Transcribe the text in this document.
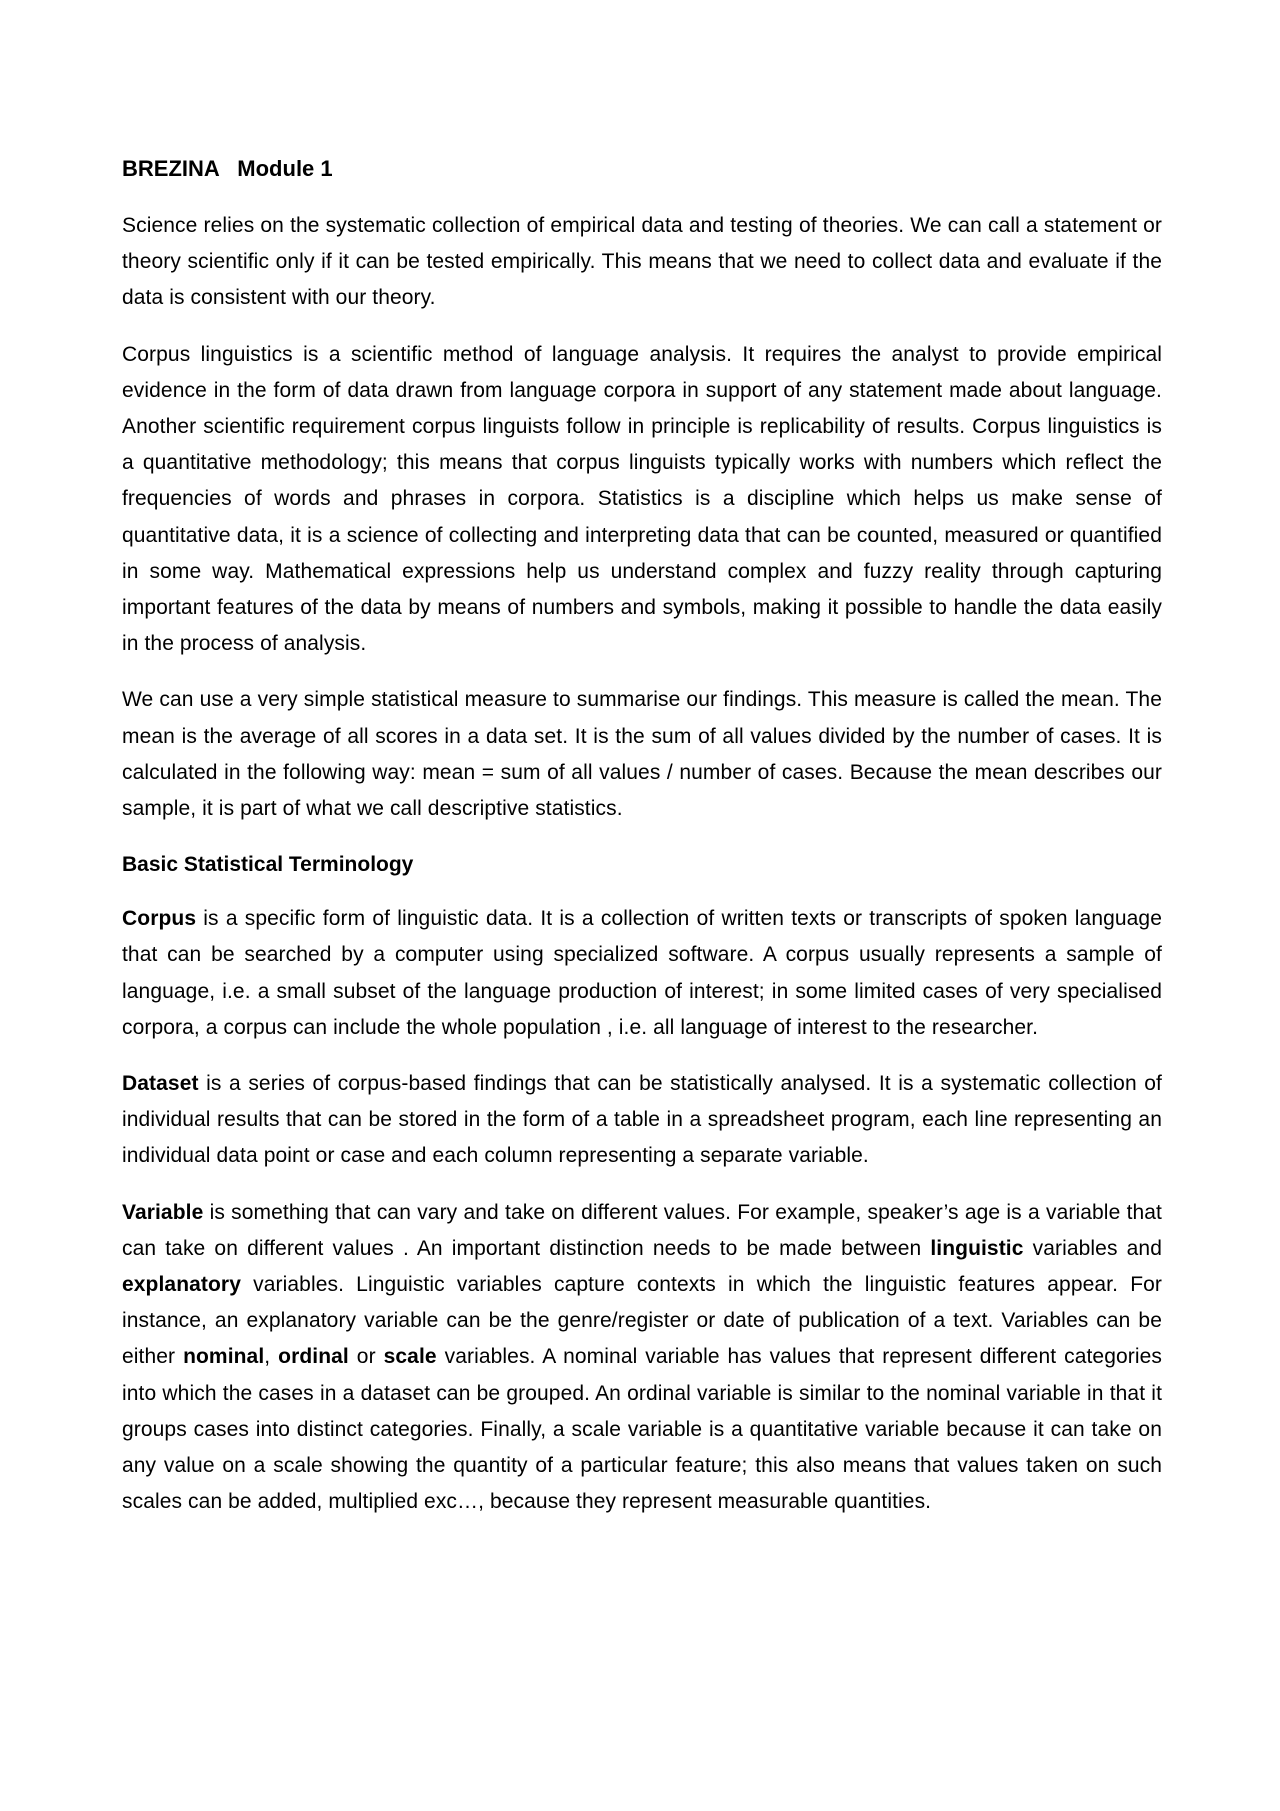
BREZINA   Module 1

Science relies on the systematic collection of empirical data and testing of theories. We can call a statement or theory scientific only if it can be tested empirically. This means that we need to collect data and evaluate if the data is consistent with our theory.

Corpus linguistics is a scientific method of language analysis. It requires the analyst to provide empirical evidence in the form of data drawn from language corpora in support of any statement made about language. Another scientific requirement corpus linguists follow in principle is replicability of results. Corpus linguistics is a quantitative methodology; this means that corpus linguists typically works with numbers which reflect the frequencies of words and phrases in corpora. Statistics is a discipline which helps us make sense of quantitative data, it is a science of collecting and interpreting data that can be counted, measured or quantified in some way. Mathematical expressions help us understand complex and fuzzy reality through capturing important features of the data by means of numbers and symbols, making it possible to handle the data easily in the process of analysis.

We can use a very simple statistical measure to summarise our findings. This measure is called the mean. The mean is the average of all scores in a data set. It is the sum of all values divided by the number of cases. It is calculated in the following way: mean = sum of all values / number of cases. Because the mean describes our sample, it is part of what we call descriptive statistics.

Basic Statistical Terminology

Corpus is a specific form of linguistic data. It is a collection of written texts or transcripts of spoken language that can be searched by a computer using specialized software. A corpus usually represents a sample of language, i.e. a small subset of the language production of interest; in some limited cases of very specialised corpora, a corpus can include the whole population , i.e. all language of interest to the researcher.

Dataset is a series of corpus-based findings that can be statistically analysed. It is a systematic collection of individual results that can be stored in the form of a table in a spreadsheet program, each line representing an individual data point or case and each column representing a separate variable.

Variable is something that can vary and take on different values. For example, speaker’s age is a variable that can take on different values . An important distinction needs to be made between linguistic variables and explanatory variables. Linguistic variables capture contexts in which the linguistic features appear. For instance, an explanatory variable can be the genre/register or date of publication of a text. Variables can be either nominal, ordinal or scale variables. A nominal variable has values that represent different categories into which the cases in a dataset can be grouped. An ordinal variable is similar to the nominal variable in that it groups cases into distinct categories. Finally, a scale variable is a quantitative variable because it can take on any value on a scale showing the quantity of a particular feature; this also means that values taken on such scales can be added, multiplied exc…, because they represent measurable quantities.
